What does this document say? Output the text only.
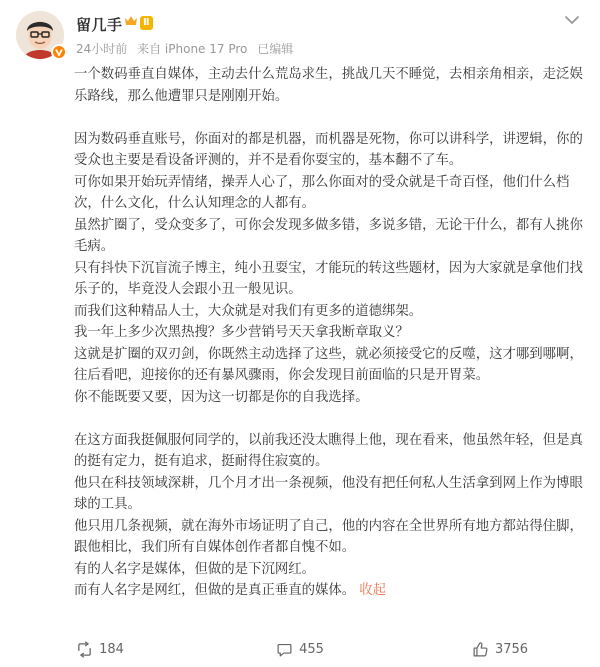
留几手	Ⅱ
24小时前 来自 iPhone 17 Pro 已编辑

一个数码垂直自媒体，主动去什么荒岛求生，挑战几天不睡觉，去相亲角相亲，走泛娱乐路线，那么他遭罪只是刚刚开始。

因为数码垂直账号，你面对的都是机器，而机器是死物，你可以讲科学，讲逻辑，你的受众也主要是看设备评测的，并不是看你耍宝的，基本翻不了车。

可你如果开始玩弄情绪，操弄人心了，那么你面对的受众就是千奇百怪，他们什么档次，什么文化，什么认知理念的人都有。

虽然扩圈了，受众变多了，可你会发现多做多错，多说多错，无论干什么，都有人挑你毛病。

只有抖快下沉盲流子博主，纯小丑耍宝，才能玩的转这些题材，因为大家就是拿他们找乐子的，毕竟没人会跟小丑一般见识。

而我们这种精品人士，大众就是对我们有更多的道德绑架。

我一年上多少次黑热搜？多少营销号天天拿我断章取义？

这就是扩圈的双刃剑，你既然主动选择了这些，就必须接受它的反噬，这才哪到哪啊，往后看吧，迎接你的还有暴风骤雨，你会发现目前面临的只是开胃菜。

你不能既要又要，因为这一切都是你的自我选择。

在这方面我挺佩服何同学的，以前我还没太瞧得上他，现在看来，他虽然年轻，但是真的挺有定力，挺有追求，挺耐得住寂寞的。

他只在科技领域深耕，几个月才出一条视频，他没有把任何私人生活拿到网上作为博眼球的工具。

他只用几条视频，就在海外市场证明了自己，他的内容在全世界所有地方都站得住脚，跟他相比，我们所有自媒体创作者都自愧不如。

有的人名字是媒体，但做的是下沉网红。

而有人名字是网红，但做的是真正垂直的媒体。 收起

184	455	3756
